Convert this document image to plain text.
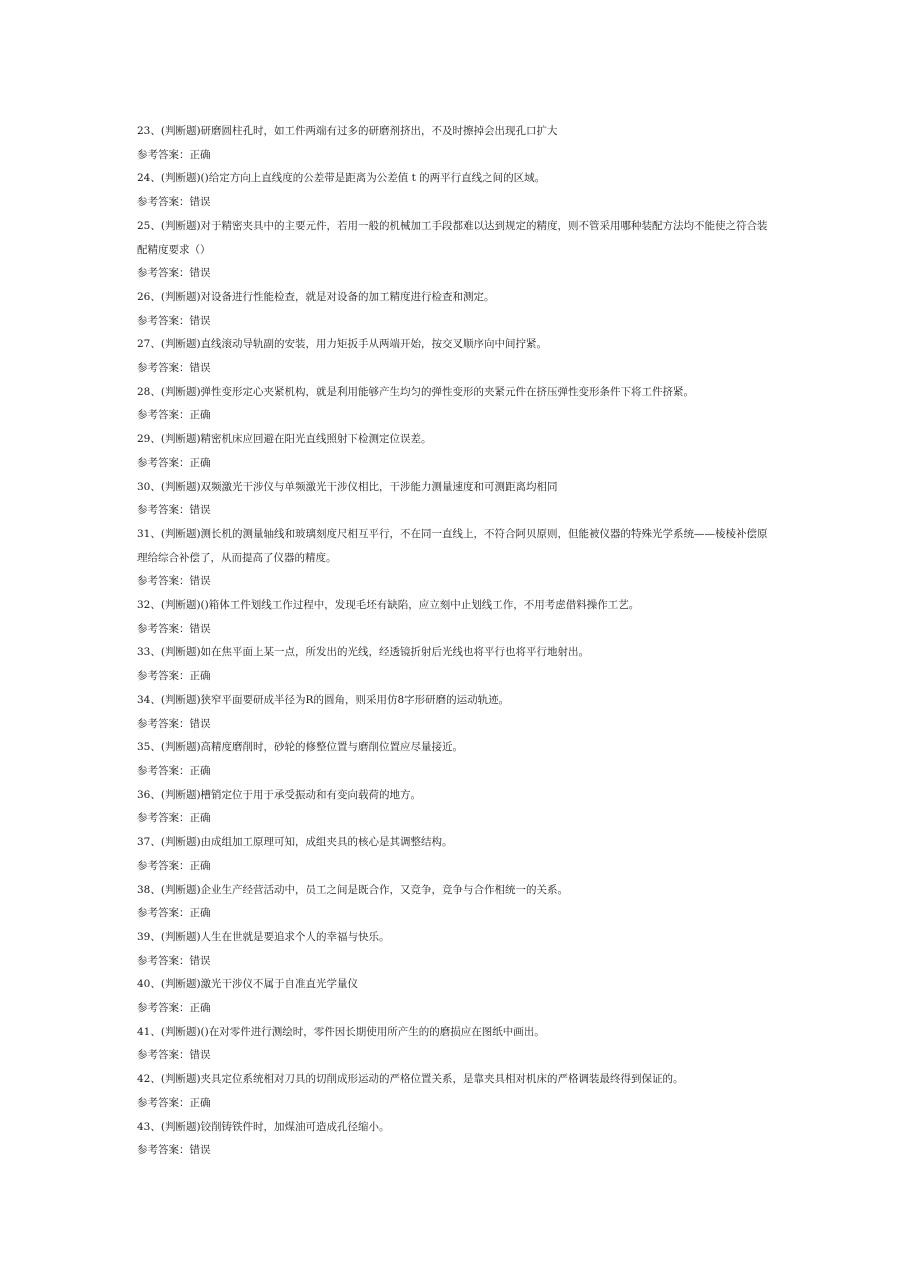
23、(判断题)研磨圆柱孔时，如工件两端有过多的研磨剂挤出，不及时擦掉会出现孔口扩大

参考答案：正确

24、(判断题)()给定方向上直线度的公差带是距离为公差值 t 的两平行直线之间的区域。

参考答案：错误

25、(判断题)对于精密夹具中的主要元件，若用一般的机械加工手段都难以达到规定的精度，则不管采用哪种装配方法均不能使之符合装配精度要求（）

参考答案：错误

26、(判断题)对设备进行性能检查，就是对设备的加工精度进行检查和测定。

参考答案：错误

27、(判断题)直线滚动导轨副的安装，用力矩扳手从两端开始，按交叉顺序向中间拧紧。

参考答案：错误

28、(判断题)弹性变形定心夹紧机构，就是利用能够产生均匀的弹性变形的夹紧元件在挤压弹性变形条件下将工件挤紧。

参考答案：正确

29、(判断题)精密机床应回避在阳光直线照射下检测定位误差。

参考答案：正确

30、(判断题)双频激光干涉仪与单频激光干涉仪相比，干涉能力测量速度和可测距离均相同

参考答案：错误

31、(判断题)测长机的测量轴线和玻璃刻度尺相互平行，不在同一直线上，不符合阿贝原则，但能被仪器的特殊光学系统——棱棱补偿原理给综合补偿了，从而提高了仪器的精度。

参考答案：错误

32、(判断题)()箱体工件划线工作过程中，发现毛坯有缺陷，应立刻中止划线工作，不用考虑借料操作工艺。

参考答案：错误

33、(判断题)如在焦平面上某一点，所发出的光线，经透镜折射后光线也将平行也将平行地射出。

参考答案：正确

34、(判断题)狭窄平面要研成半径为R的圆角，则采用仿8字形研磨的运动轨迹。

参考答案：错误

35、(判断题)高精度磨削时，砂轮的修整位置与磨削位置应尽量接近。

参考答案：正确

36、(判断题)槽销定位于用于承受振动和有变向载荷的地方。

参考答案：正确

37、(判断题)由成组加工原理可知，成组夹具的核心是其调整结构。

参考答案：正确

38、(判断题)企业生产经营活动中，员工之间是既合作，又竞争，竞争与合作相统一的关系。

参考答案：正确

39、(判断题)人生在世就是要追求个人的幸福与快乐。

参考答案：错误

40、(判断题)激光干涉仪不属于自准直光学量仪

参考答案：正确

41、(判断题)()在对零件进行测绘时，零件因长期使用所产生的的磨损应在图纸中画出。

参考答案：错误

42、(判断题)夹具定位系统相对刀具的切削成形运动的严格位置关系，是靠夹具相对机床的严格调装最终得到保证的。

参考答案：正确

43、(判断题)铰削铸铁件时，加煤油可造成孔径缩小。

参考答案：错误
